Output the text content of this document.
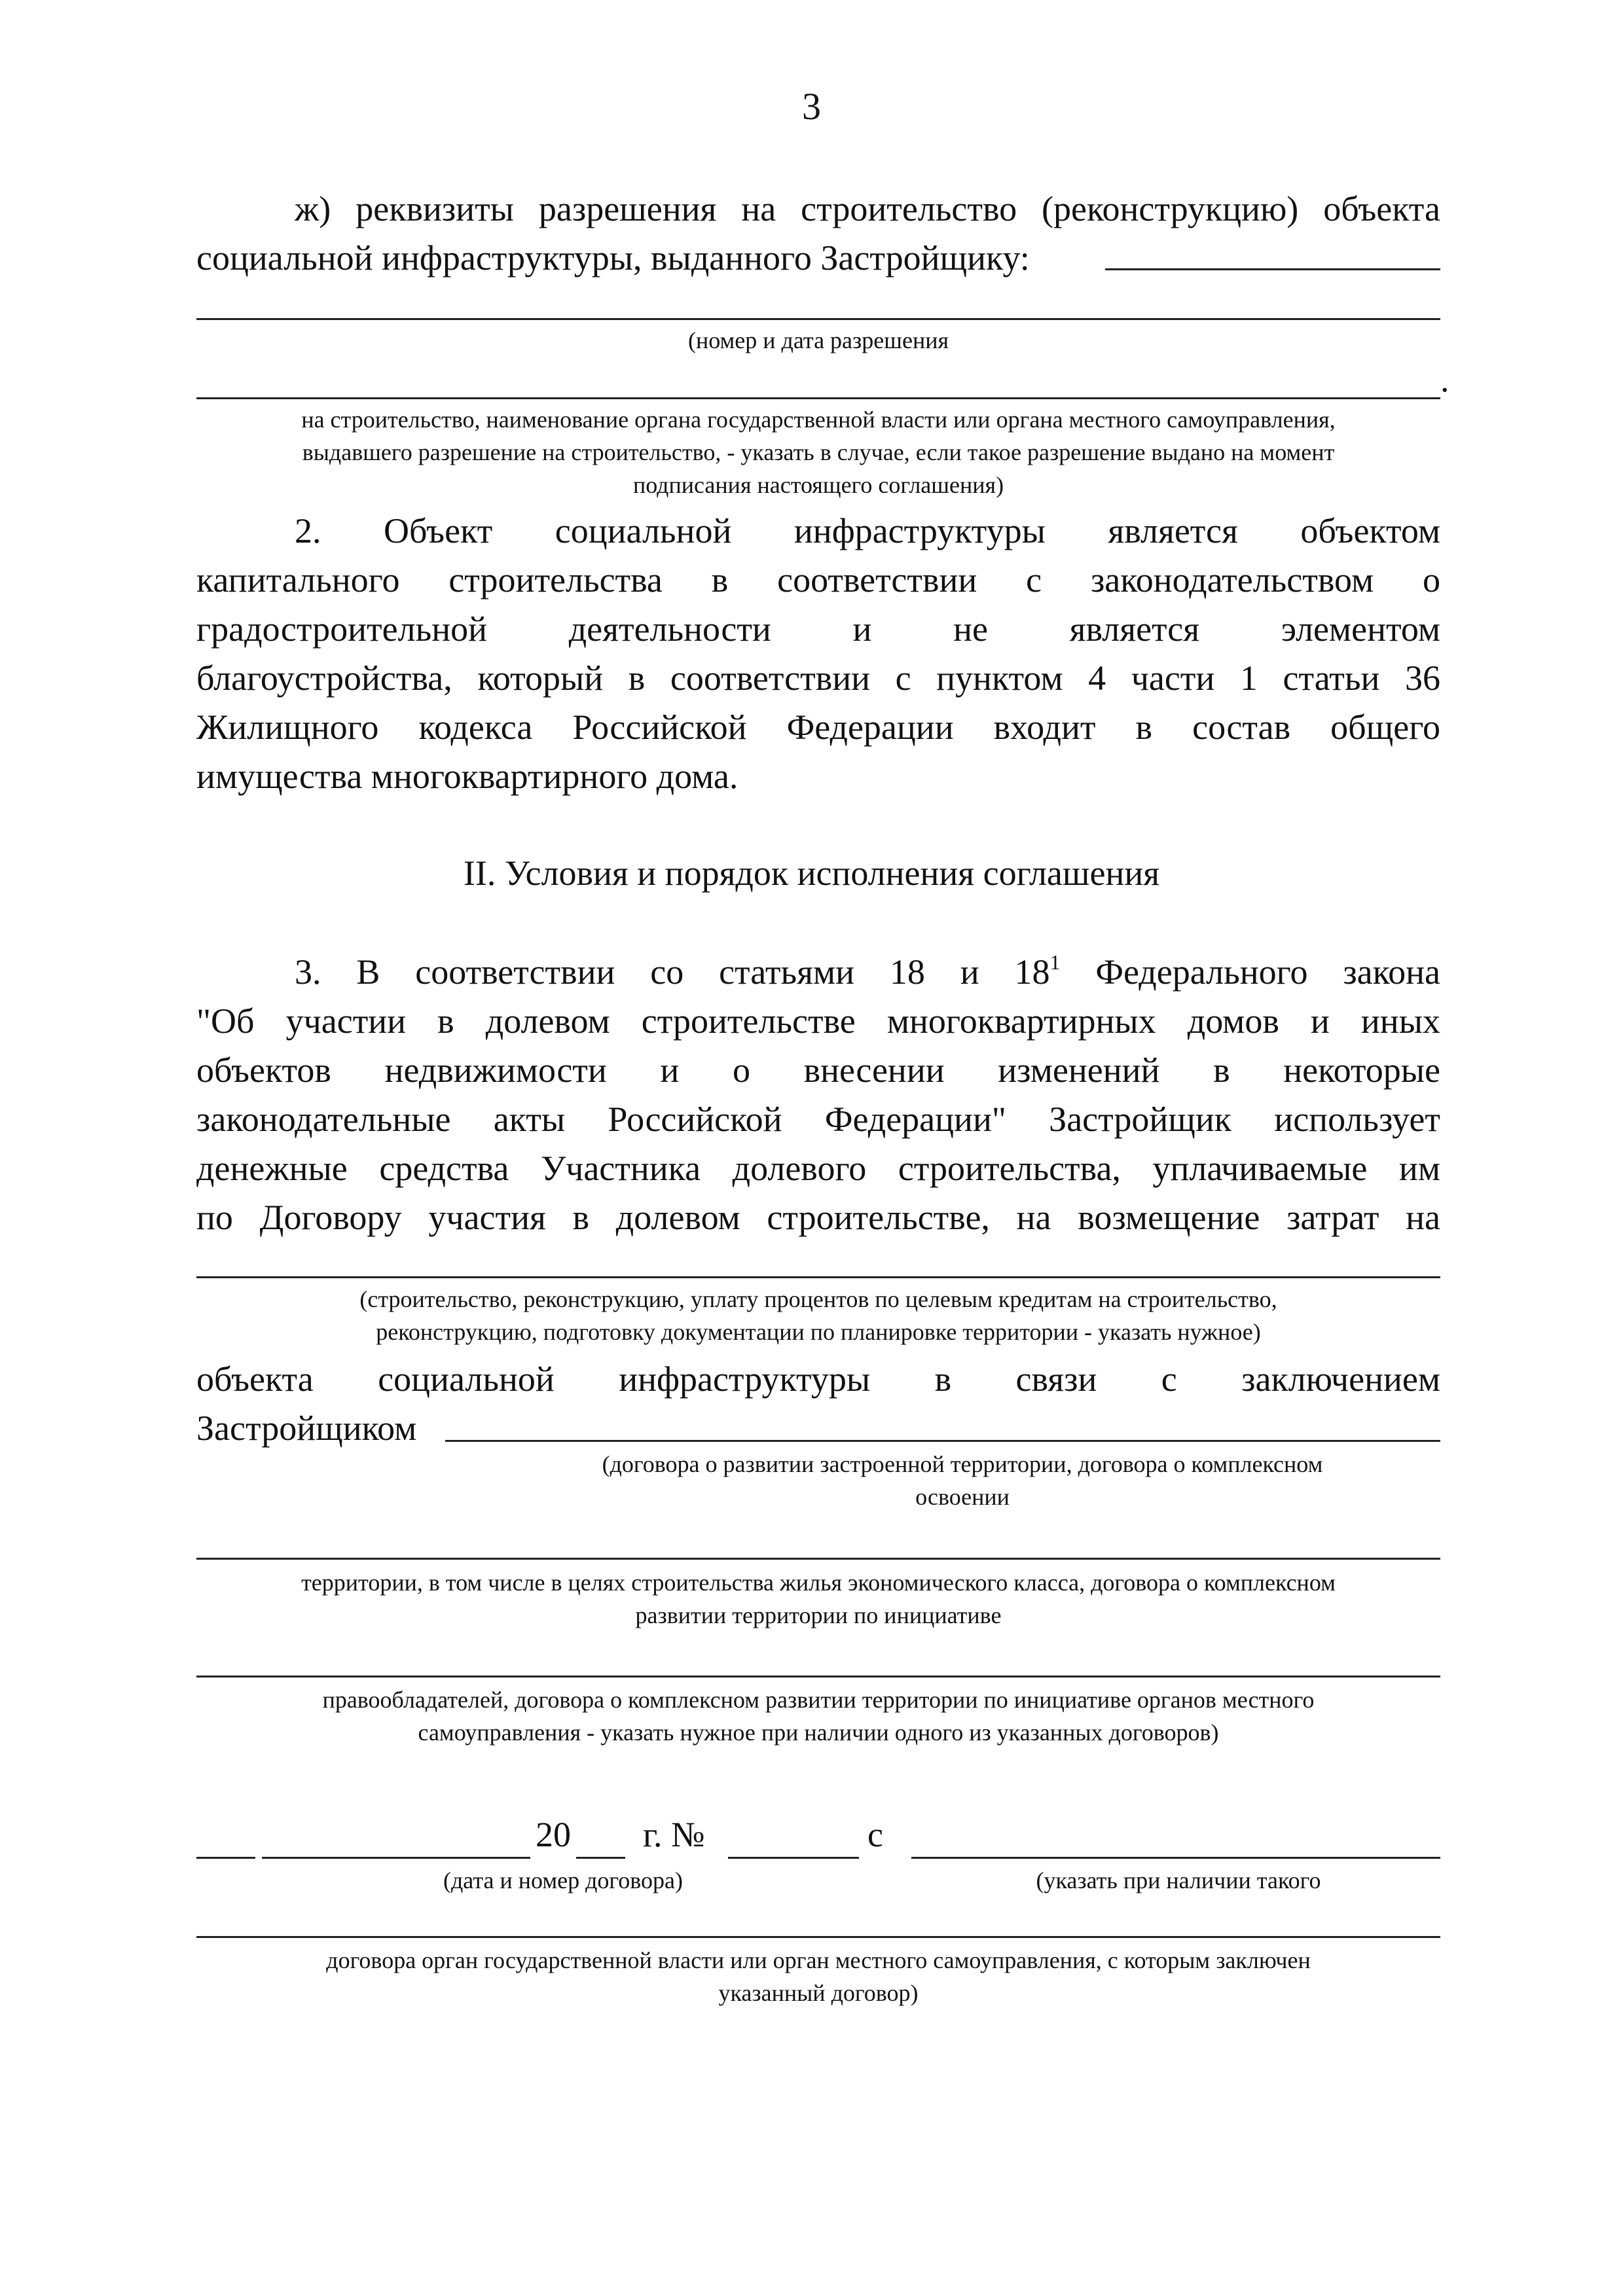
3
ж) реквизиты разрешения на строительство (реконструкцию) объекта
социальной инфраструктуры, выданного Застройщику:
(номер и дата разрешения
.
на строительство, наименование органа государственной власти или органа местного самоуправления,
выдавшего разрешение на строительство, - указать в случае, если такое разрешение выдано на момент
подписания настоящего соглашения)
2. Объект социальной инфраструктуры является объектом
капитального строительства в соответствии с законодательством о
градостроительной деятельности и не является элементом
благоустройства, который в соответствии с пунктом 4 части 1 статьи 36
Жилищного кодекса Российской Федерации входит в состав общего
имущества многоквартирного дома.
II. Условия и порядок исполнения соглашения
3. В соответствии со статьями 18 и $18^1$ Федерального закона
"Об участии в долевом строительстве многоквартирных домов и иных
объектов недвижимости и о внесении изменений в некоторые
законодательные акты Российской Федерации" Застройщик использует
денежные средства Участника долевого строительства, уплачиваемые им
по Договору участия в долевом строительстве, на возмещение затрат на
(строительство, реконструкцию, уплату процентов по целевым кредитам на строительство,
реконструкцию, подготовку документации по планировке территории - указать нужное)
объекта социальной инфраструктуры в связи с заключением
Застройщиком
(договора о развитии застроенной территории, договора о комплексном
освоении
территории, в том числе в целях строительства жилья экономического класса, договора о комплексном
развитии территории по инициативе
правообладателей, договора о комплексном развитии территории по инициативе органов местного
самоуправления - указать нужное при наличии одного из указанных договоров)
20 г. №	с
(дата и номер договора)	(указать при наличии такого
договора орган государственной власти или орган местного самоуправления, с которым заключен
указанный договор)
